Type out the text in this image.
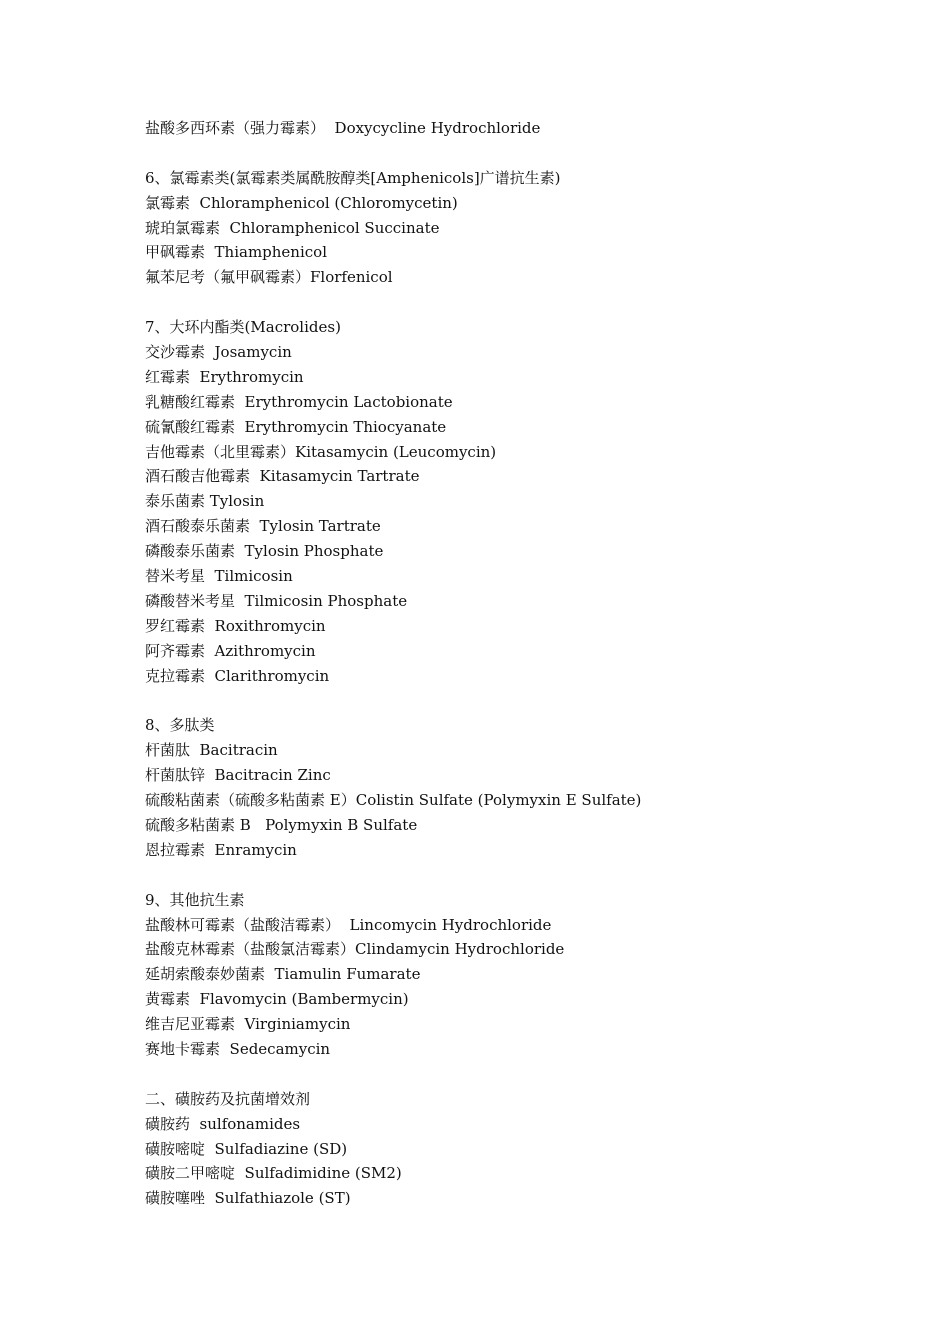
盐酸多西环素（强力霉素）  Doxycycline Hydrochloride
6、氯霉素类(氯霉素类属酰胺醇类[Amphenicols]广谱抗生素)
氯霉素  Chloramphenicol (Chloromycetin)
琥珀氯霉素  Chloramphenicol Succinate
甲砜霉素  Thiamphenicol
氟苯尼考（氟甲砜霉素）Florfenicol
7、大环内酯类(Macrolides)
交沙霉素  Josamycin
红霉素  Erythromycin
乳糖酸红霉素  Erythromycin Lactobionate
硫氰酸红霉素  Erythromycin Thiocyanate
吉他霉素（北里霉素）Kitasamycin (Leucomycin)
酒石酸吉他霉素  Kitasamycin Tartrate
泰乐菌素 Tylosin
酒石酸泰乐菌素  Tylosin Tartrate
磷酸泰乐菌素  Tylosin Phosphate
替米考星  Tilmicosin
磷酸替米考星  Tilmicosin Phosphate
罗红霉素  Roxithromycin
阿齐霉素  Azithromycin
克拉霉素  Clarithromycin
8、多肽类
杆菌肽  Bacitracin
杆菌肽锌  Bacitracin Zinc
硫酸粘菌素（硫酸多粘菌素 E）Colistin Sulfate (Polymyxin E Sulfate)
硫酸多粘菌素 B   Polymyxin B Sulfate
恩拉霉素  Enramycin
9、其他抗生素
盐酸林可霉素（盐酸洁霉素）  Lincomycin Hydrochloride
盐酸克林霉素（盐酸氯洁霉素）Clindamycin Hydrochloride
延胡索酸泰妙菌素  Tiamulin Fumarate
黄霉素  Flavomycin (Bambermycin)
维吉尼亚霉素  Virginiamycin
赛地卡霉素  Sedecamycin
二、磺胺药及抗菌增效剂
磺胺药  sulfonamides
磺胺嘧啶  Sulfadiazine (SD)
磺胺二甲嘧啶  Sulfadimidine (SM2)
磺胺噻唑  Sulfathiazole (ST)
